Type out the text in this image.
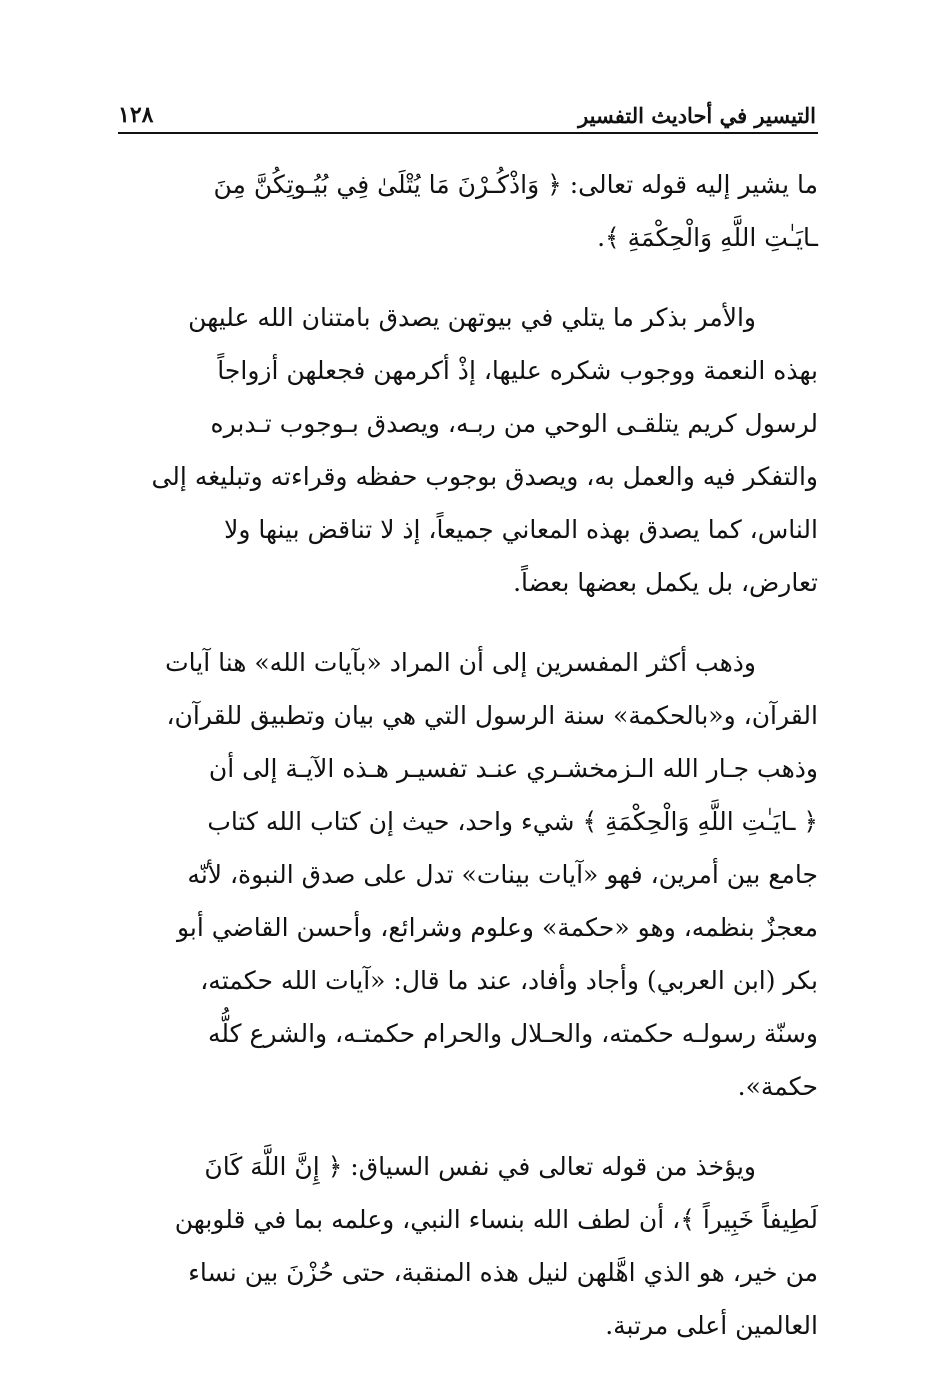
التيسير في أحاديث التفسير
١٢٨

ما يشير إليه قوله تعالى: ﴿ وَاذْكُـرْنَ مَا يُتْلَىٰ فِي بُيُـوتِكُنَّ مِنَ
ـايَـٰتِ اللَّهِ وَالْحِكْمَةِ ﴾.

والأمر بذكر ما يتلي في بيوتهن يصدق بامتنان الله عليهن
بهذه النعمة ووجوب شكره عليها، إذْ أكرمهن فجعلهن أزواجاً
لرسول كريم يتلقـى الوحي من ربـه، ويصدق بـوجوب تـدبره
والتفكر فيه والعمل به، ويصدق بوجوب حفظه وقراءته وتبليغه إلى
الناس، كما يصدق بهذه المعاني جميعاً، إذ لا تناقض بينها ولا
تعارض، بل يكمل بعضها بعضاً.

وذهب أكثر المفسرين إلى أن المراد «بآيات الله» هنا آيات
القرآن، و«بالحكمة» سنة الرسول التي هي بيان وتطبيق للقرآن،
وذهب جـار الله الـزمخشـري عنـد تفسيـر هـذه الآيـة إلى أن
﴿ ـايَـٰتِ اللَّهِ وَالْحِكْمَةِ ﴾ شيء واحد، حيث إن كتاب الله كتاب
جامع بين أمرين، فهو «آيات بينات» تدل على صدق النبوة، لأنّه
معجزٌ بنظمه، وهو «حكمة» وعلوم وشرائع، وأحسن القاضي أبو
بكر (ابن العربي) وأجاد وأفاد، عند ما قال: «آيات الله حكمته،
وسنّة رسولـه حكمته، والحـلال والحرام حكمتـه، والشرع كلُّه
حكمة».

ويؤخذ من قوله تعالى في نفس السياق: ﴿ إِنَّ اللَّهَ كَانَ
لَطِيفاً خَبِيراً ﴾، أن لطف الله بنساء النبي، وعلمه بما في قلوبهن
من خير، هو الذي اهَّلهن لنيل هذه المنقبة، حتى حُزْنَ بين نساء
العالمين أعلى مرتبة.
